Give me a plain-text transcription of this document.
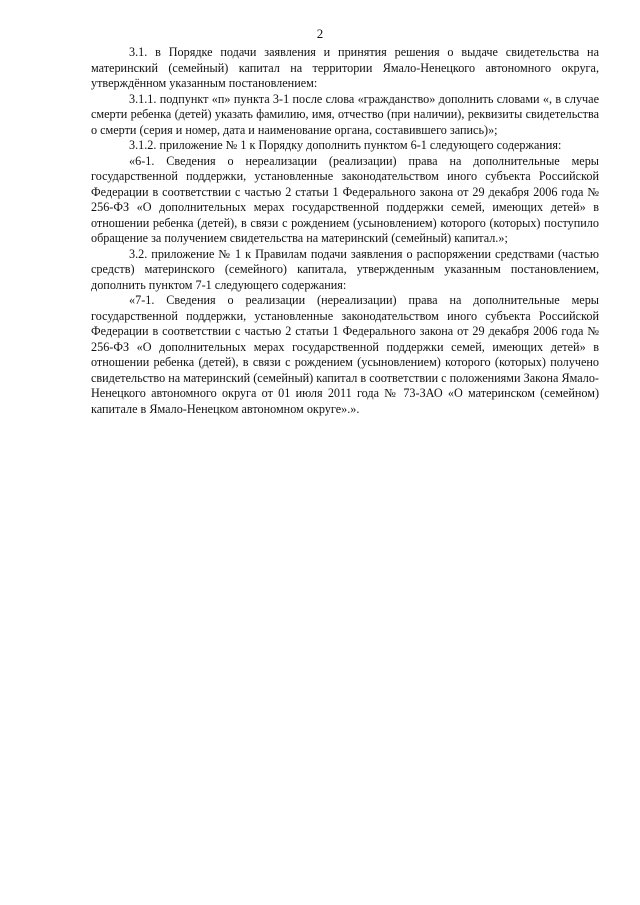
2

3.1. в Порядке подачи заявления и принятия решения о выдаче свидетельства на материнский (семейный) капитал на территории Ямало-Ненецкого автономного округа, утверждённом указанным постановлением:

3.1.1. подпункт «п» пункта 3-1 после слова «гражданство» дополнить словами «, в случае смерти ребенка (детей) указать фамилию, имя, отчество (при наличии), реквизиты свидетельства о смерти (серия и номер, дата и наименование органа, составившего запись)»;

3.1.2. приложение № 1 к Порядку дополнить пунктом 6-1 следующего содержания:

«6-1. Сведения о нереализации (реализации) права на дополнительные меры государственной поддержки, установленные законодательством иного субъекта Российской Федерации в соответствии с частью 2 статьи 1 Федерального закона от 29 декабря 2006 года № 256-ФЗ «О дополнительных мерах государственной поддержки семей, имеющих детей» в отношении ребенка (детей), в связи с рождением (усыновлением) которого (которых) поступило обращение за получением свидетельства на материнский (семейный) капитал.»;

3.2. приложение № 1 к Правилам подачи заявления о распоряжении средствами (частью средств) материнского (семейного) капитала, утвержденным указанным постановлением, дополнить пунктом 7-1 следующего содержания:

«7-1. Сведения о реализации (нереализации) права на дополнительные меры государственной поддержки, установленные законодательством иного субъекта Российской Федерации в соответствии с частью 2 статьи 1 Федерального закона от 29 декабря 2006 года № 256-ФЗ «О дополнительных мерах государственной поддержки семей, имеющих детей» в отношении ребенка (детей), в связи с рождением (усыновлением) которого (которых) получено свидетельство на материнский (семейный) капитал в соответствии с положениями Закона Ямало-Ненецкого автономного округа от 01 июля 2011 года № 73-ЗАО «О материнском (семейном) капитале в Ямало-Ненецком автономном округе».».
